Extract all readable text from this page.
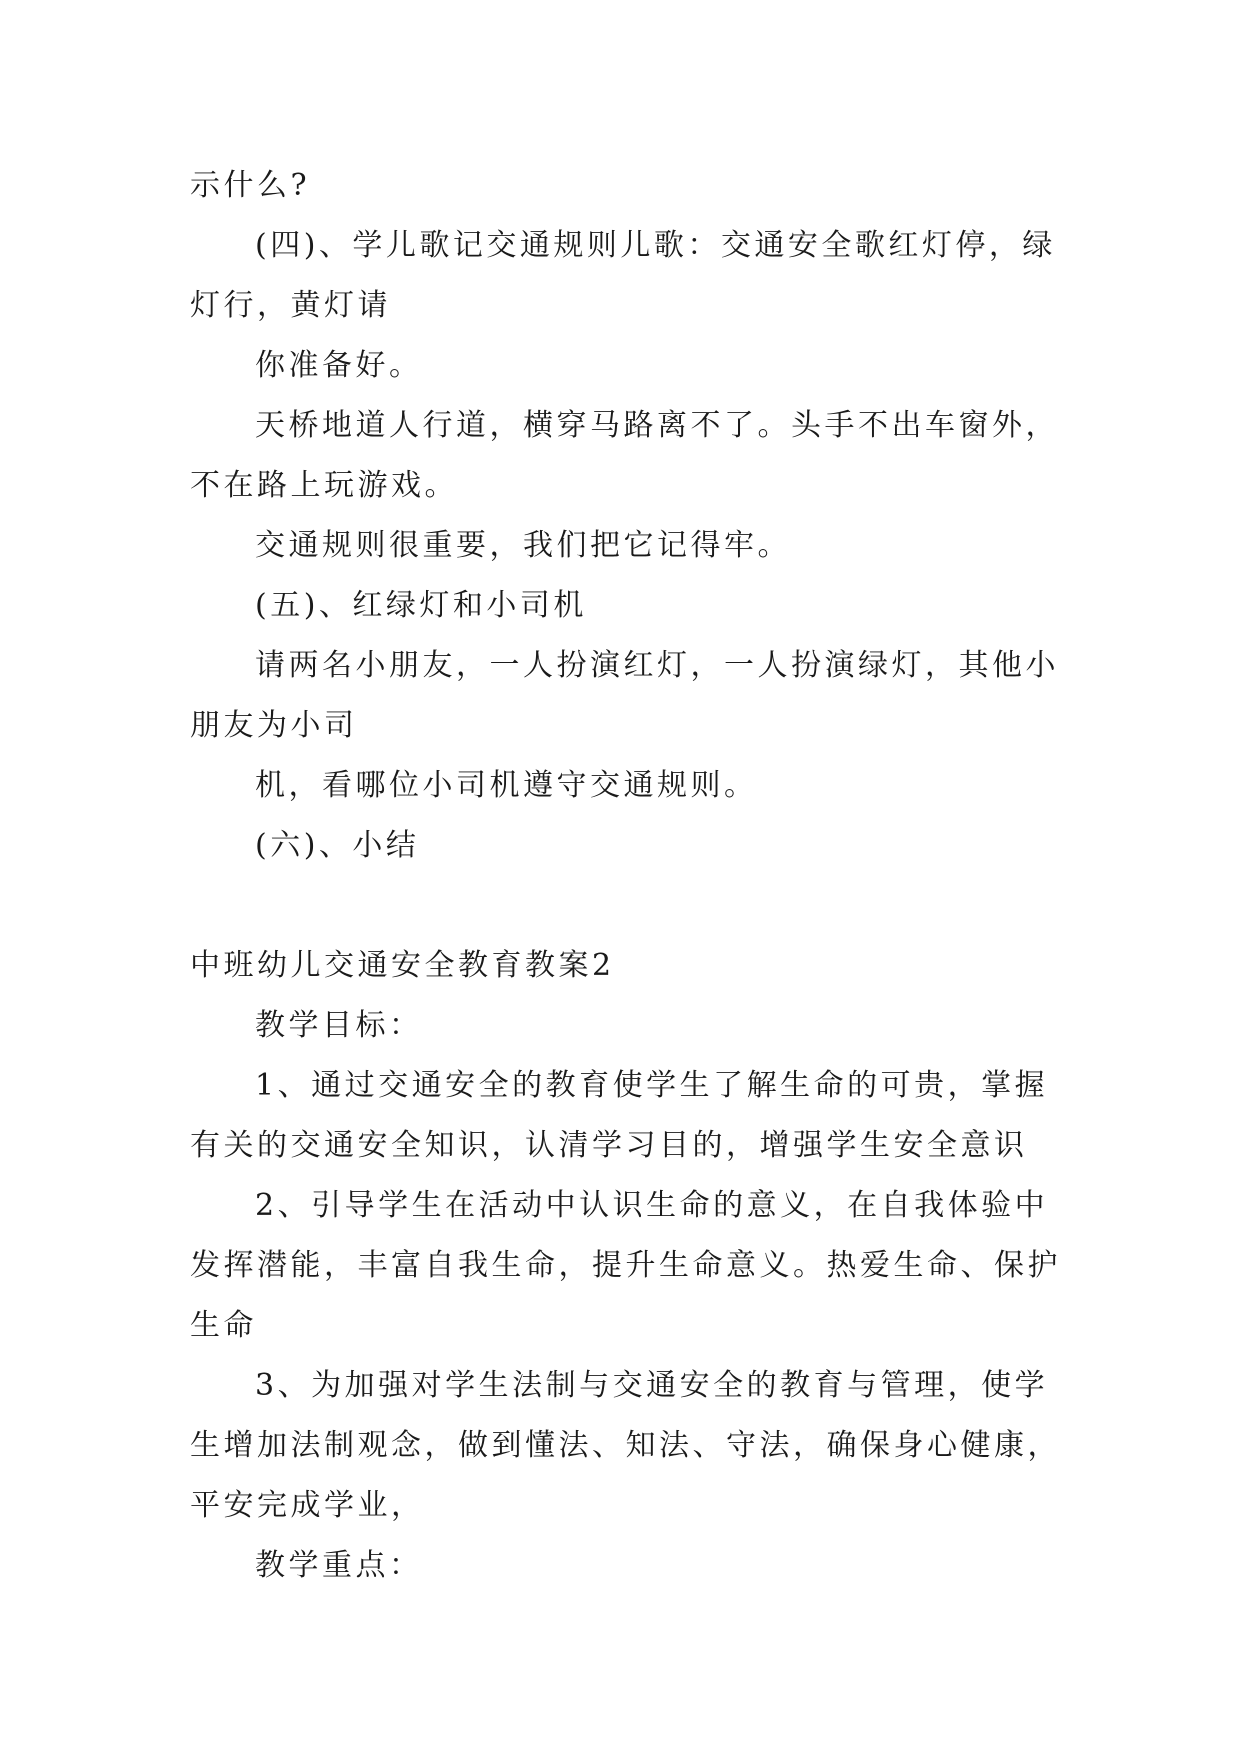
示什么?
(四)、学儿歌记交通规则儿歌：交通安全歌红灯停，绿
灯行，黄灯请
你准备好。
天桥地道人行道，横穿马路离不了。头手不出车窗外，
不在路上玩游戏。
交通规则很重要，我们把它记得牢。
(五)、红绿灯和小司机
请两名小朋友，一人扮演红灯，一人扮演绿灯，其他小
朋友为小司
机，看哪位小司机遵守交通规则。
(六)、小结
中班幼儿交通安全教育教案2
教学目标：
1、通过交通安全的教育使学生了解生命的可贵，掌握
有关的交通安全知识，认清学习目的，增强学生安全意识
2、引导学生在活动中认识生命的意义，在自我体验中
发挥潜能，丰富自我生命，提升生命意义。热爱生命、保护
生命
3、为加强对学生法制与交通安全的教育与管理，使学
生增加法制观念，做到懂法、知法、守法，确保身心健康，
平安完成学业，
教学重点：
